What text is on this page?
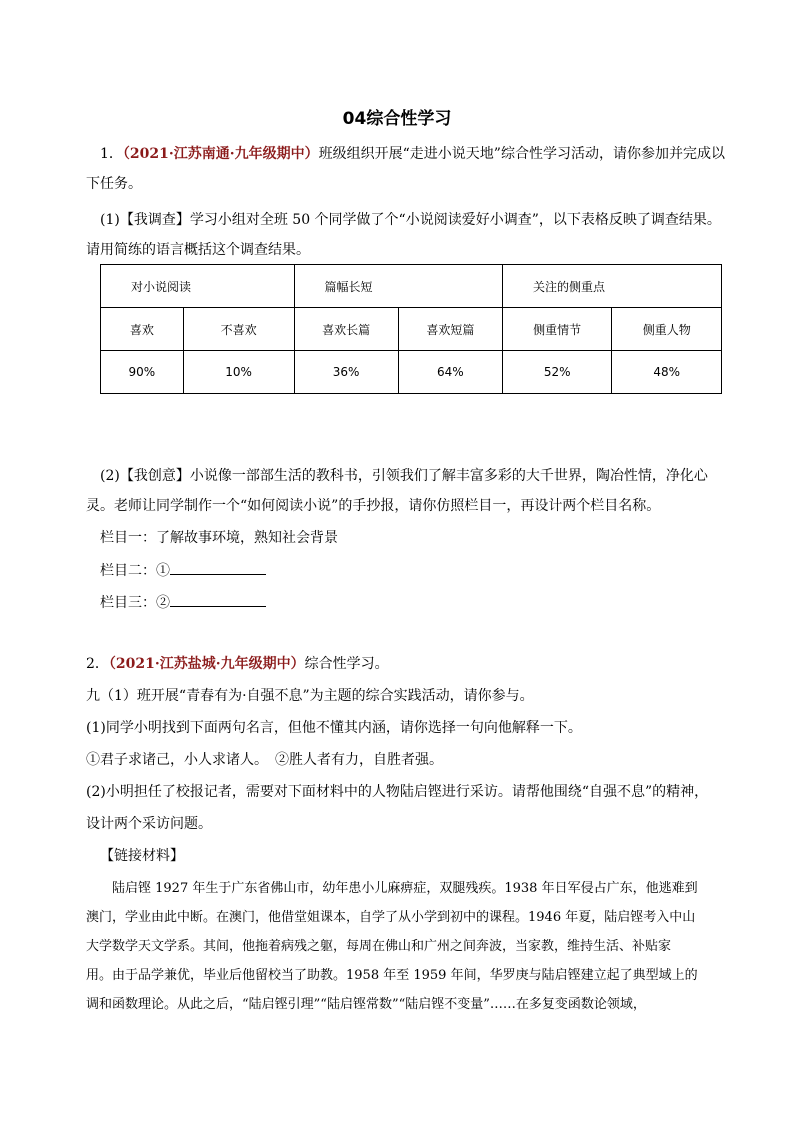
04综合性学习
1．（2021·江苏南通·九年级期中）班级组织开展“走进小说天地”综合性学习活动，请你参加并完成以
下任务。
(1)【我调查】学习小组对全班 50 个同学做了个“小说阅读爱好小调查”，以下表格反映了调查结果。
请用简练的语言概括这个调查结果。
对小说阅读		篇幅长短		关注的侧重点	
喜欢	不喜欢	喜欢长篇	喜欢短篇	侧重情节	侧重人物
90%	10%	36%	64%	52%	48%
(2)【我创意】小说像一部部生活的教科书，引领我们了解丰富多彩的大千世界，陶冶性情，净化心
灵。老师让同学制作一个“如何阅读小说”的手抄报，请你仿照栏目一，再设计两个栏目名称。
栏目一：了解故事环境，熟知社会背景
栏目二：①
栏目三：②
2．（2021·江苏盐城·九年级期中）综合性学习。
九（1）班开展“青春有为·自强不息”为主题的综合实践活动，请你参与。
(1)同学小明找到下面两句名言，但他不懂其内涵，请你选择一句向他解释一下。
①君子求诸己，小人求诸人。　②胜人者有力，自胜者强。
(2)小明担任了校报记者，需要对下面材料中的人物陆启铿进行采访。请帮他围绕“自强不息”的精神，
设计两个采访问题。
【链接材料】

　　陆启铿 1927 年生于广东省佛山市，幼年患小儿麻痹症，双腿残疾。1938 年日军侵占广东，他逃难到

澳门，学业由此中断。在澳门，他借堂姐课本，自学了从小学到初中的课程。1946 年夏，陆启铿考入中山

大学数学天文学系。其间，他拖着病残之躯，每周在佛山和广州之间奔波，当家教，维持生活、补贴家

用。由于品学兼优，毕业后他留校当了助教。1958 年至 1959 年间，华罗庚与陆启铿建立起了典型域上的

调和函数理论。从此之后，“陆启铿引理”“陆启铿常数”“陆启铿不变量”……在多复变函数论领域，
